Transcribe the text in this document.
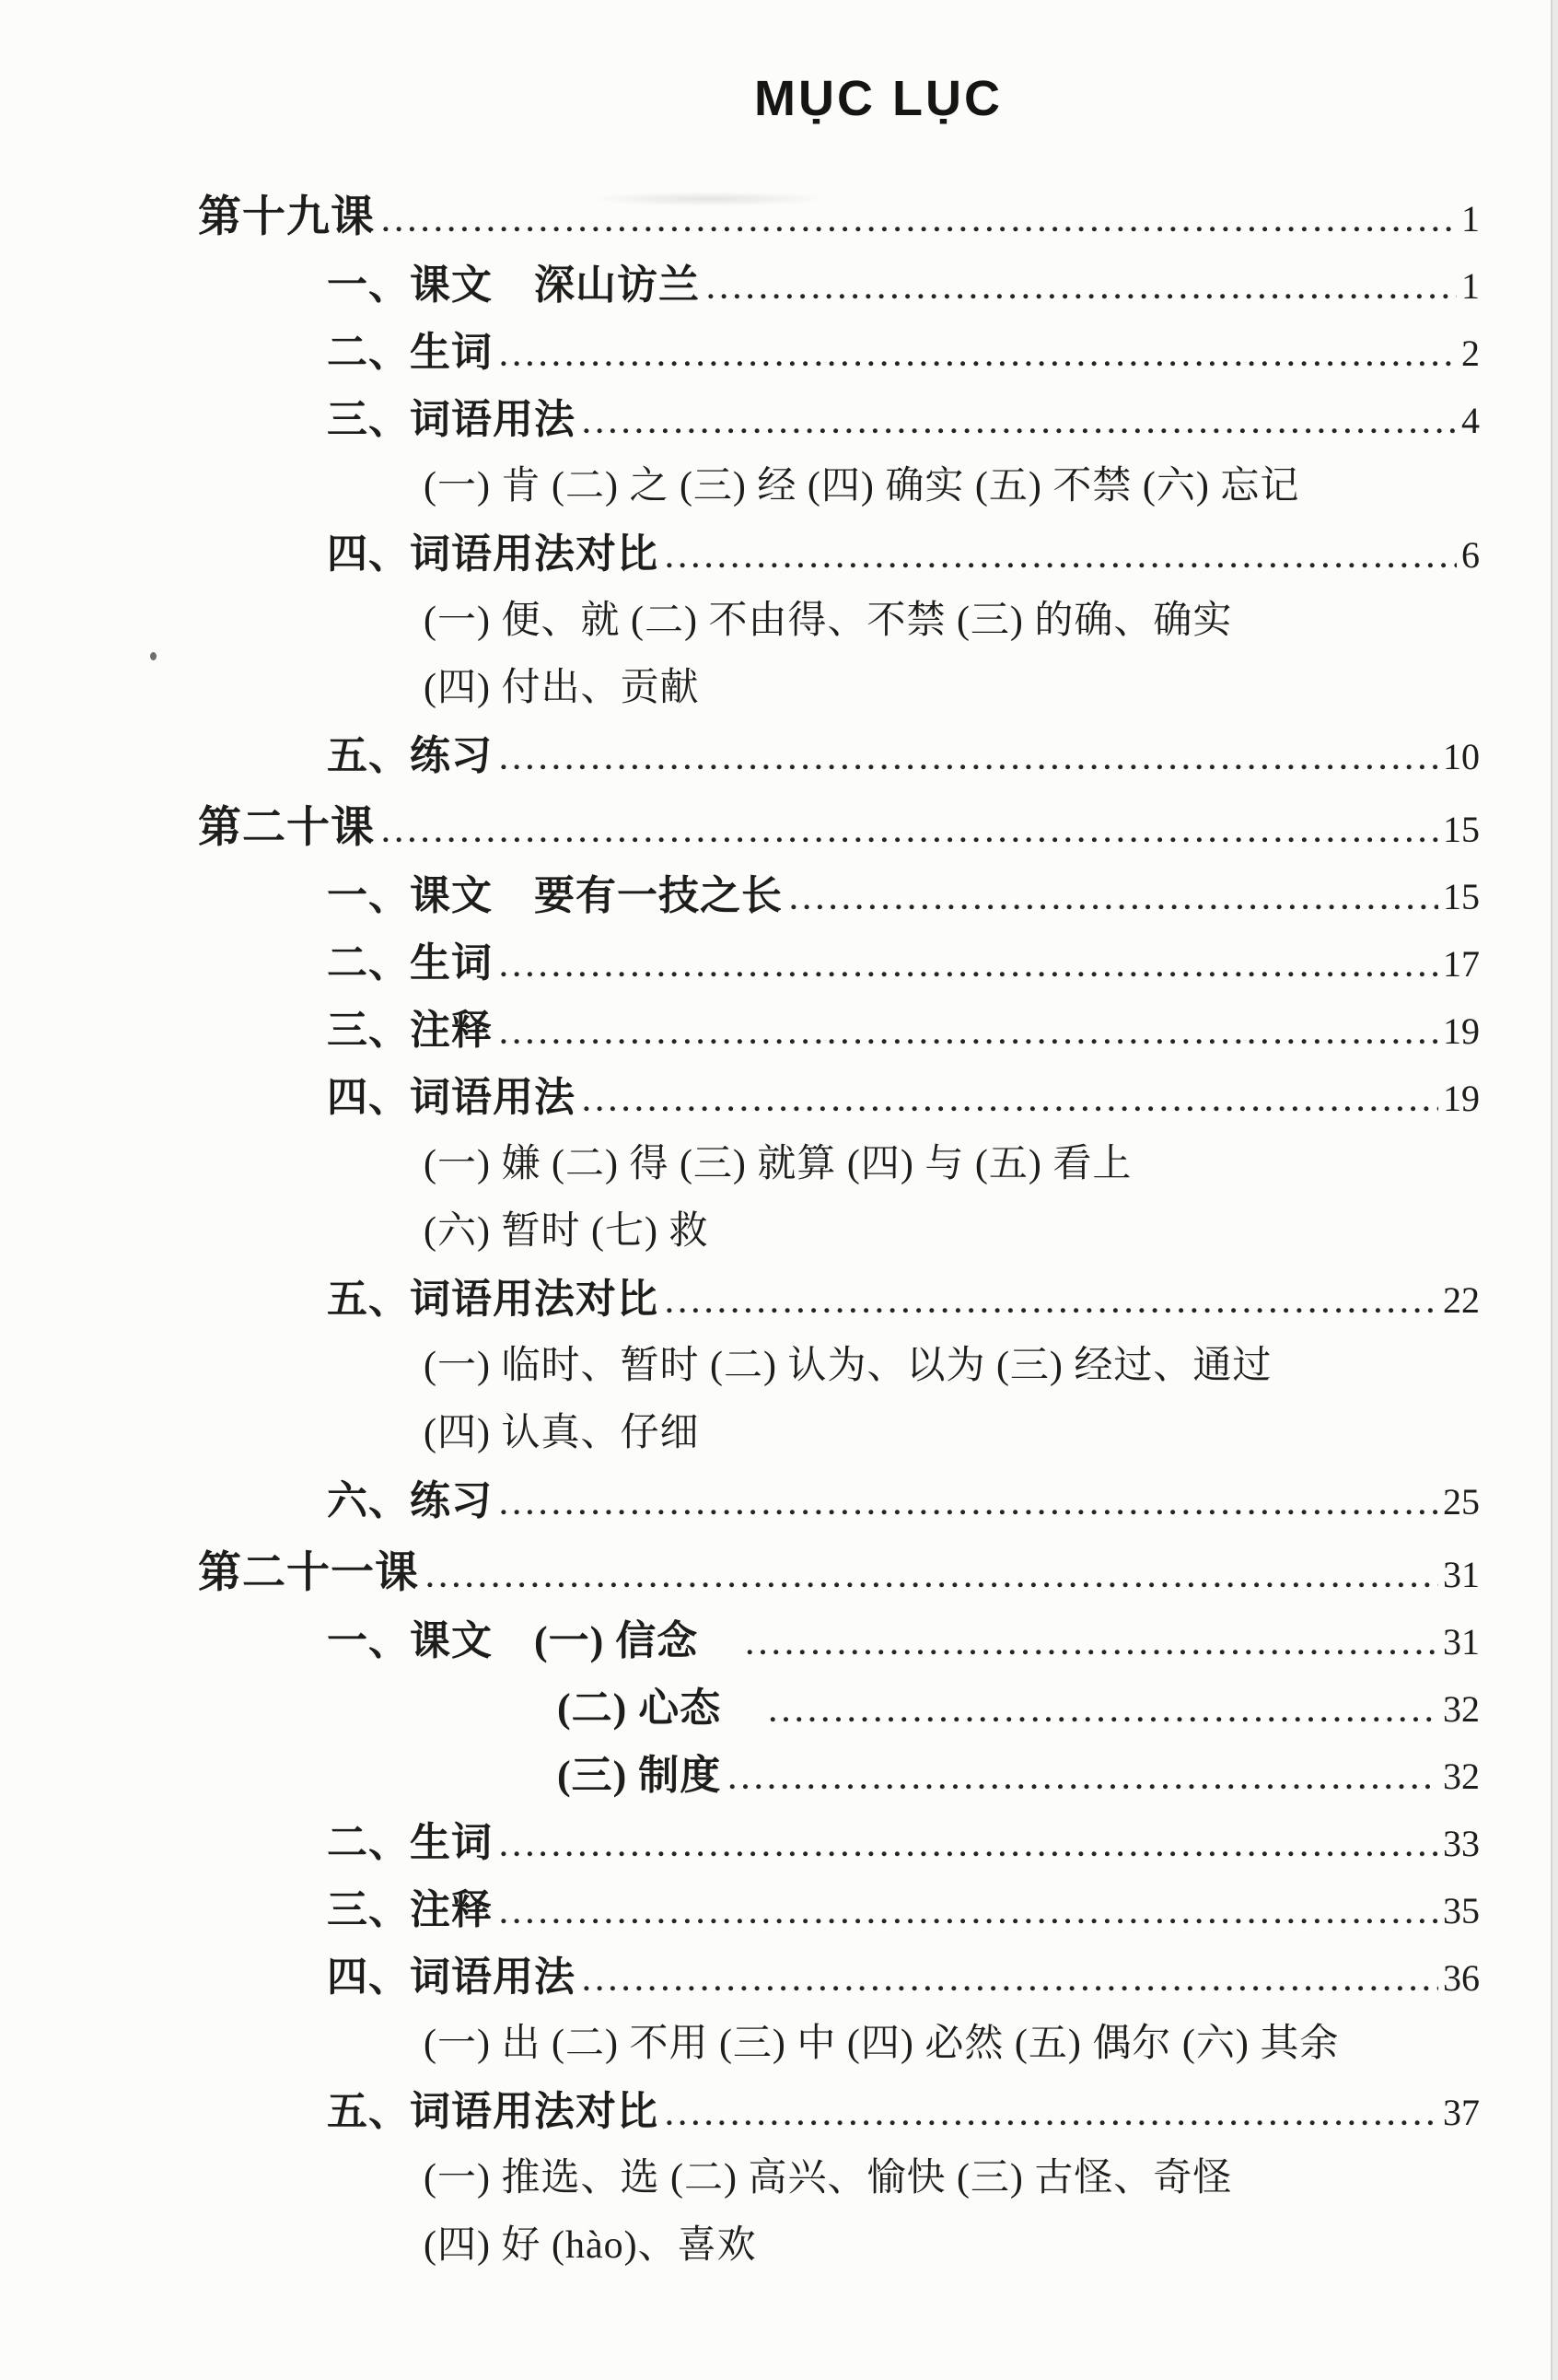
MỤC LỤC
第十九课 .....	1
一、课文　深山访兰 .....	1
二、生词 .....	2
三、词语用法 .....	4
(一) 肯 (二) 之 (三) 经 (四) 确实 (五) 不禁 (六) 忘记
四、词语用法对比 .....	6
(一) 便、就 (二) 不由得、不禁 (三) 的确、确实
(四) 付出、贡献
五、练习 .....	10
第二十课 .....	15
一、课文　要有一技之长 .....	15
二、生词 .....	17
三、注释 .....	19
四、词语用法 .....	19
(一) 嫌 (二) 得 (三) 就算 (四) 与 (五) 看上
(六) 暂时 (七) 救
五、词语用法对比 .....	22
(一) 临时、暂时 (二) 认为、以为 (三) 经过、通过
(四) 认真、仔细
六、练习 .....	25
第二十一课 .....	31
一、课文　(一) 信念 .....	31
(二) 心态 .....	32
(三) 制度 .....	32
二、生词 .....	33
三、注释 .....	35
四、词语用法 .....	36
(一) 出 (二) 不用 (三) 中 (四) 必然 (五) 偶尔 (六) 其余
五、词语用法对比 .....	37
(一) 推选、选 (二) 高兴、愉快 (三) 古怪、奇怪
(四) 好 (hào)、喜欢
